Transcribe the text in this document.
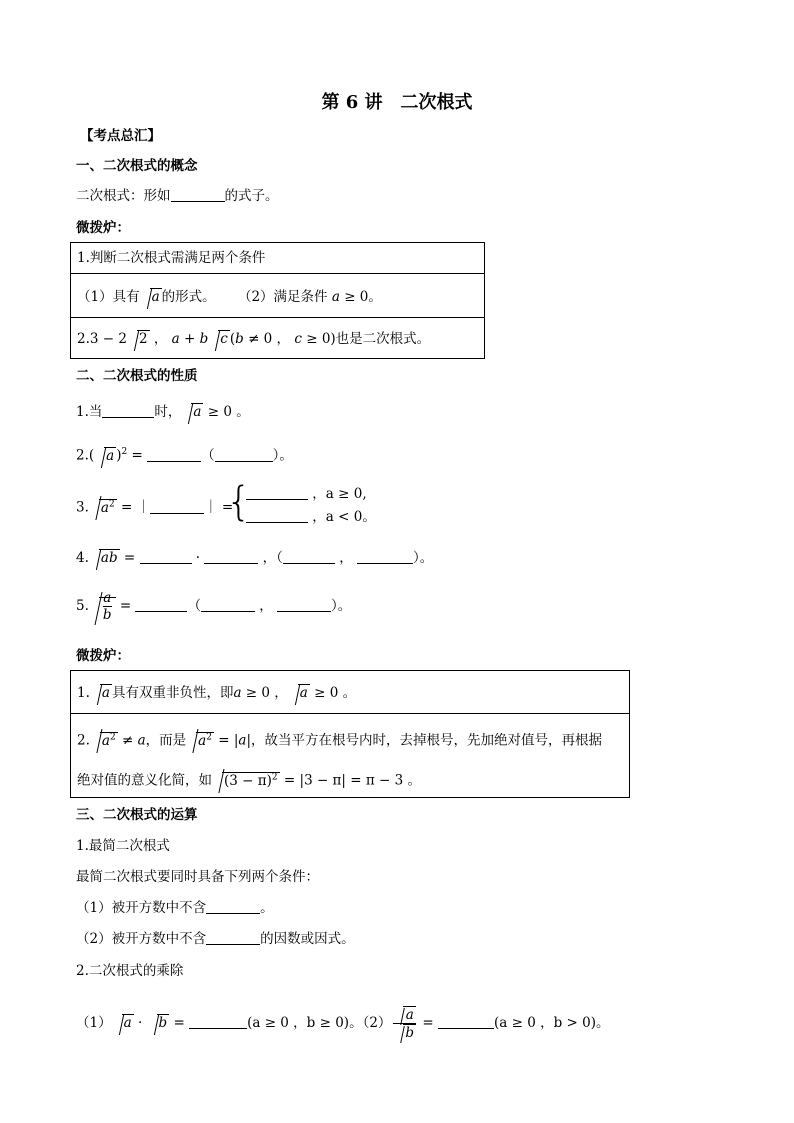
第 6 讲　二次根式
【考点总汇】
一、二次根式的概念
二次根式：形如	的式子。
微拨炉：
1.判断二次根式需满足两个条件
（1）具有 a 的形式。 （2）满足条件 a ≥ 0。
2.3 − 2 2 ， a + b c (b ≠ 0 ， c ≥ 0)也是二次根式。
二、二次根式的性质
1.当	时， a ≥ 0 。
2.( a )$^2$ =	（	）。
3. $a^2$ = ｜	｜ =
{	，a ≥ 0,
，a < 0。
4. ab =	·	，（	，	）。
5. $\frac{a}{b}$ =	（	，	）。
微拨炉：
1. a 具有双重非负性，即a ≥ 0 ， a ≥ 0 。
2. $a^2 \ne a$，而是 $a^2 = |a|$，故当平方在根号内时，去掉根号，先加绝对值号，再根据
绝对值的意义化简，如 $(3 - \pi)^2 = |3 - \pi| = \pi - 3$ 。
三、二次根式的运算
1.最简二次根式
最简二次根式要同时具备下列两个条件：
（1）被开方数中不含	。
（2）被开方数中不含	的因数或因式。
2.二次根式的乘除
（1） a · b =	(a ≥ 0 ，b ≥ 0)。$(2) \frac{a}{b}$ =	(a ≥ 0 ，b > 0)。
